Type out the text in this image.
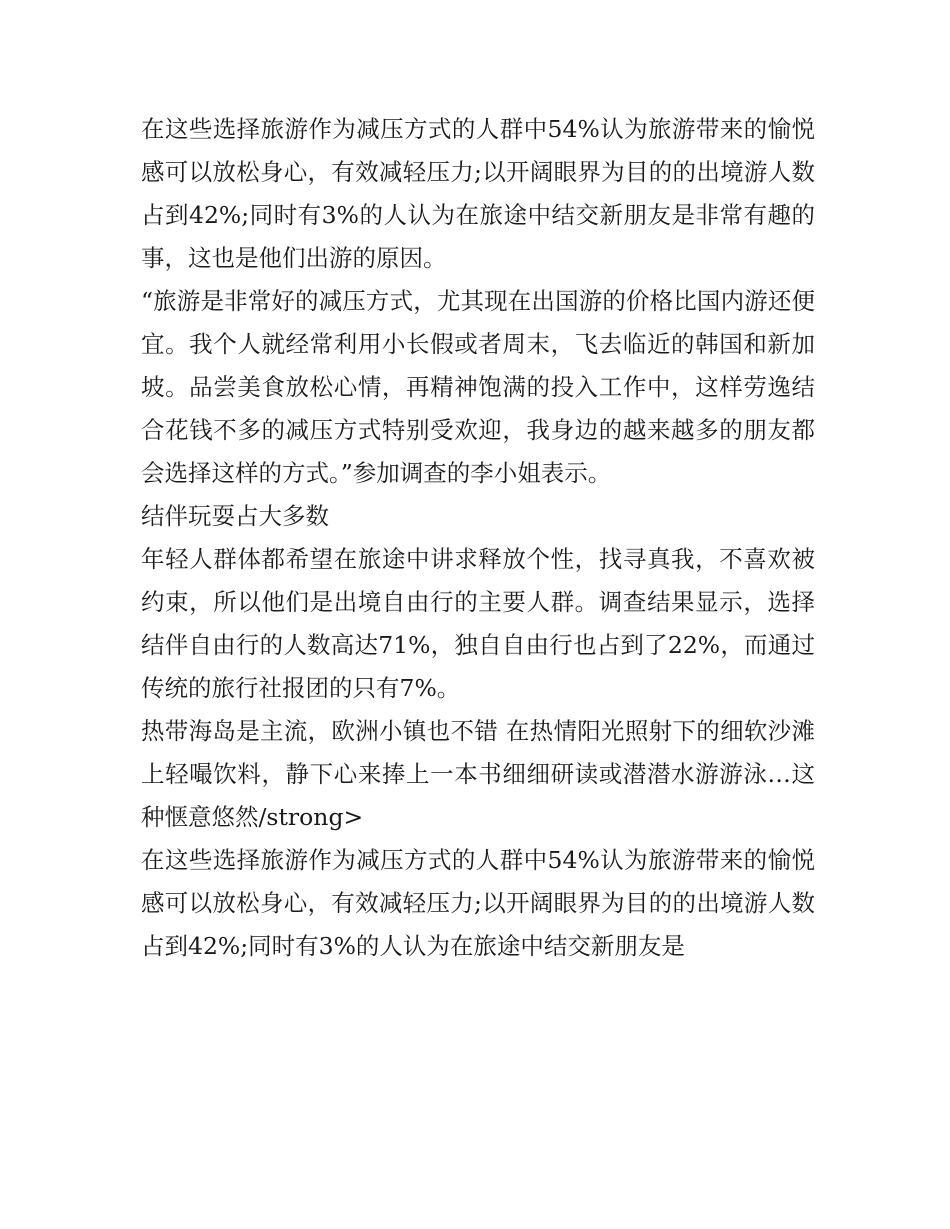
在这些选择旅游作为减压方式的人群中54%认为旅游带来的愉悦感可以放松身心，有效减轻压力;以开阔眼界为目的的出境游人数占到42%;同时有3%的人认为在旅途中结交新朋友是非常有趣的事，这也是他们出游的原因。

“旅游是非常好的减压方式，尤其现在出国游的价格比国内游还便宜。我个人就经常利用小长假或者周末，飞去临近的韩国和新加坡。品尝美食放松心情，再精神饱满的投入工作中，这样劳逸结合花钱不多的减压方式特别受欢迎，我身边的越来越多的朋友都会选择这样的方式。”参加调查的李小姐表示。

结伴玩耍占大多数

年轻人群体都希望在旅途中讲求释放个性，找寻真我，不喜欢被约束，所以他们是出境自由行的主要人群。调查结果显示，选择结伴自由行的人数高达71%，独自自由行也占到了22%，而通过传统的旅行社报团的只有7%。

热带海岛是主流，欧洲小镇也不错 在热情阳光照射下的细软沙滩上轻嘬饮料，静下心来捧上一本书细细研读或潜潜水游游泳…这种惬意悠然/strong>

在这些选择旅游作为减压方式的人群中54%认为旅游带来的愉悦感可以放松身心，有效减轻压力;以开阔眼界为目的的出境游人数占到42%;同时有3%的人认为在旅途中结交新朋友是
